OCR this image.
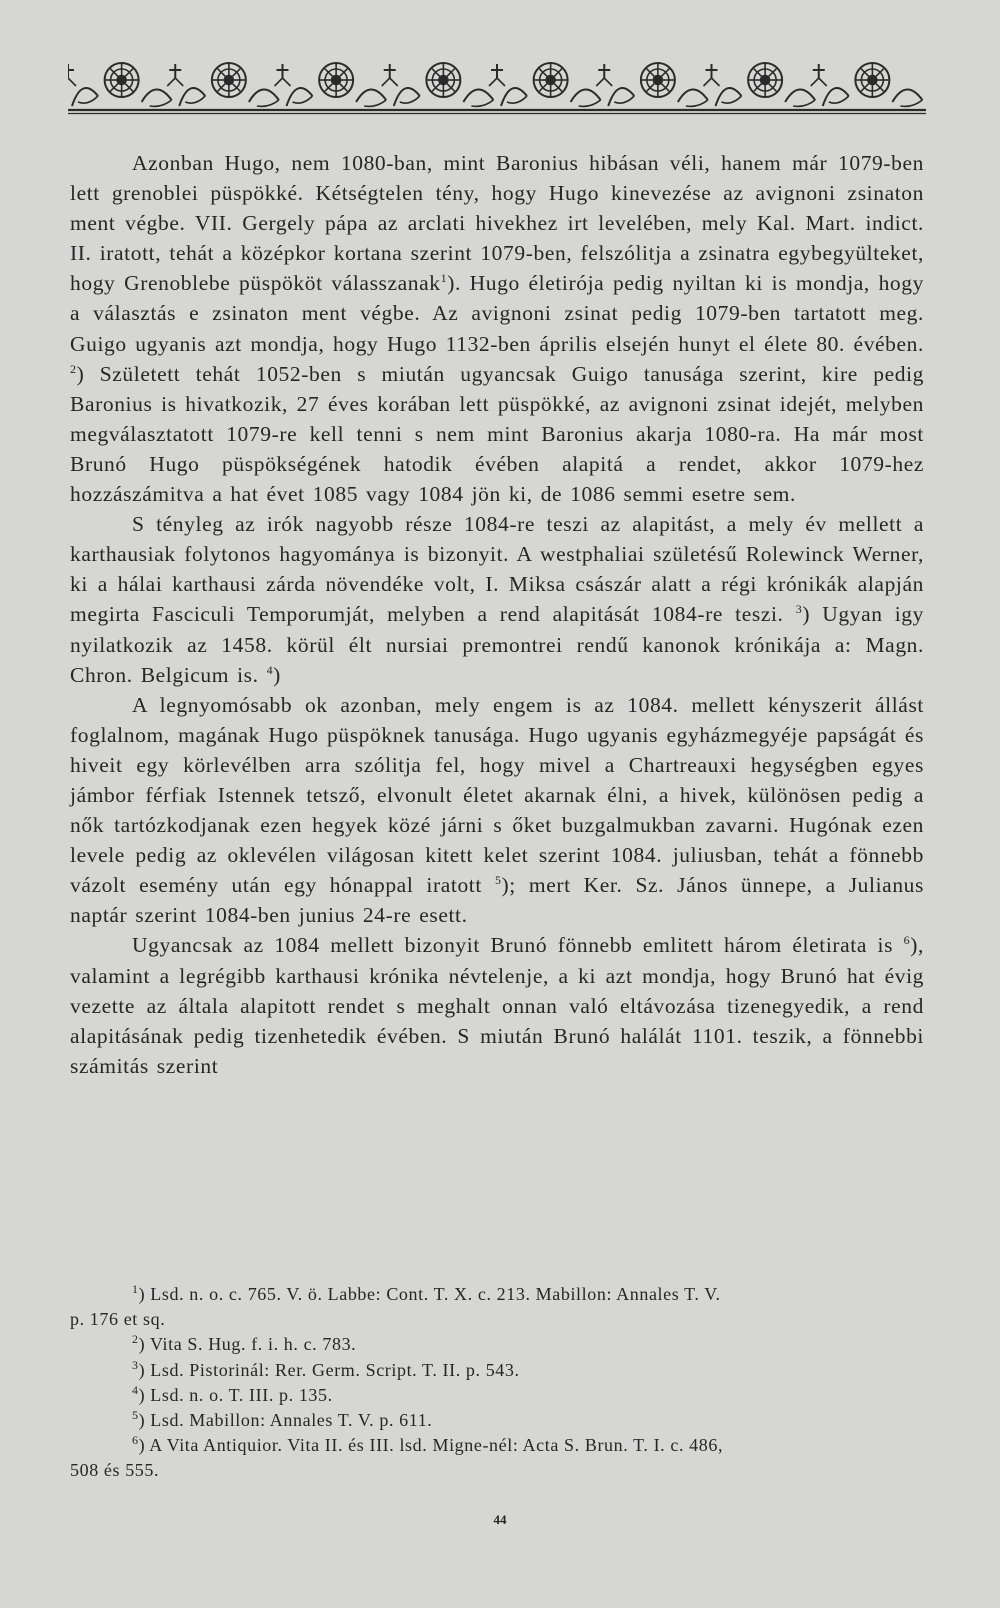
Azonban Hugo, nem 1080-ban, mint Baronius hibásan véli, hanem már 1079-ben lett grenoblei püspökké. Kétségtelen tény, hogy Hugo kinevezése az avignoni zsinaton ment végbe. VII. Gergely pápa az arclati hivekhez irt levelében, mely Kal. Mart. indict. II. iratott, tehát a középkor kortana szerint 1079-ben, felszólitja a zsinatra egybegyülteket, hogy Grenoblebe püspököt válasszanak$^1$). Hugo életirója pedig nyiltan ki is mondja, hogy a választás e zsinaton ment végbe. Az avignoni zsinat pedig 1079-ben tartatott meg. Guigo ugyanis azt mondja, hogy Hugo 1132-ben április elsején hunyt el élete 80. évében. $^2$) Született tehát 1052-ben s miután ugyancsak Guigo tanusága szerint, kire pedig Baronius is hivatkozik, 27 éves korában lett püspökké, az avignoni zsinat idejét, melyben megválasztatott 1079-re kell tenni s nem mint Baronius akarja 1080-ra. Ha már most Brunó Hugo püspökségének hatodik évében alapitá a rendet, akkor 1079-hez hozzászámitva a hat évet 1085 vagy 1084 jön ki, de 1086 semmi esetre sem.

S tényleg az irók nagyobb része 1084-re teszi az alapitást, a mely év mellett a karthausiak folytonos hagyománya is bizonyit. A westphaliai születésű Rolewinck Werner, ki a hálai karthausi zárda növendéke volt, I. Miksa császár alatt a régi krónikák alapján megirta Fasciculi Temporumját, melyben a rend alapitását 1084-re teszi. $^3$) Ugyan igy nyilatkozik az 1458. körül élt nursiai premontrei rendű kanonok krónikája a: Magn. Chron. Belgicum is. $^4$)

A legnyomósabb ok azonban, mely engem is az 1084. mellett kényszerit állást foglalnom, magának Hugo püspöknek tanusága. Hugo ugyanis egyházmegyéje papságát és hiveit egy körlevélben arra szólitja fel, hogy mivel a Chartreauxi hegységben egyes jámbor férfiak Istennek tetsző, elvonult életet akarnak élni, a hivek, különösen pedig a nők tartózkodjanak ezen hegyek közé járni s őket buzgalmukban zavarni. Hugónak ezen levele pedig az oklevélen világosan kitett kelet szerint 1084. juliusban, tehát a fönnebb vázolt esemény után egy hónappal iratott $^5$); mert Ker. Sz. János ünnepe, a Julianus naptár szerint 1084-ben junius 24-re esett.

Ugyancsak az 1084 mellett bizonyit Brunó fönnebb emlitett három életirata is $^6$), valamint a legrégibb karthausi krónika névtelenje, a ki azt mondja, hogy Brunó hat évig vezette az általa alapitott rendet s meghalt onnan való eltávozása tizenegyedik, a rend alapitásának pedig tizenhetedik évében. S miután Brunó halálát 1101. teszik, a fönnebbi számitás szerint

$^1$) Lsd. n. o. c. 765. V. ö. Labbe: Cont. T. X. c. 213. Mabillon: Annales T. V.
p. 176 et sq.
$^2$) Vita S. Hug. f. i. h. c. 783.
$^3$) Lsd. Pistorinál: Rer. Germ. Script. T. II. p. 543.
$^4$) Lsd. n. o. T. III. p. 135.
$^5$) Lsd. Mabillon: Annales T. V. p. 611.
$^6$) A Vita Antiquior. Vita II. és III. lsd. Migne-nél: Acta S. Brun. T. I. c. 486,
508 és 555.
44
